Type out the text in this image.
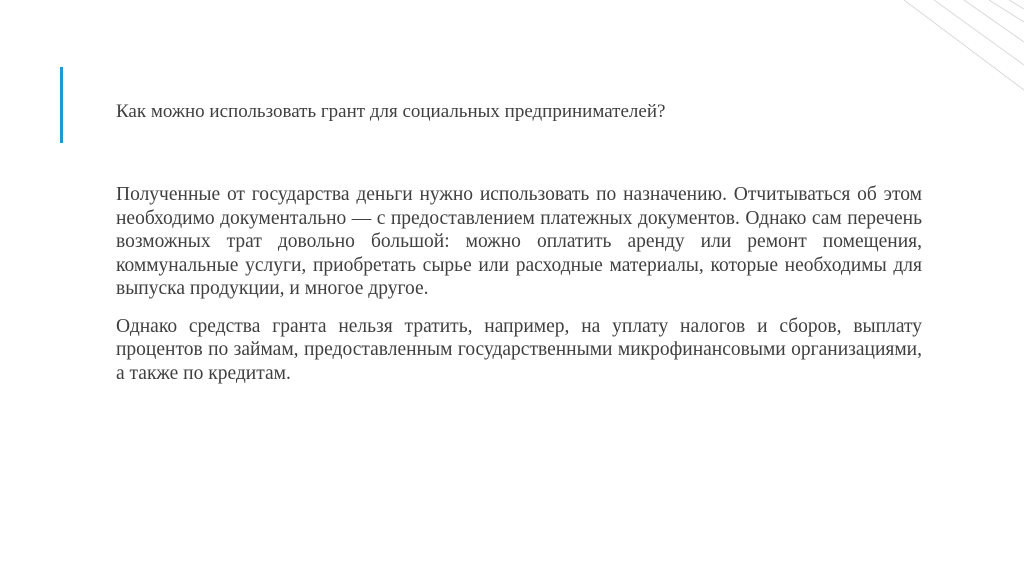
Как можно использовать грант для социальных предпринимателей?

Полученные от государства деньги нужно использовать по назначению. Отчитываться об этом необходимо документально — с предоставлением платежных документов. Однако сам перечень возможных трат довольно большой: можно оплатить аренду или ремонт помещения, коммунальные услуги, приобретать сырье или расходные материалы, которые необходимы для выпуска продукции, и многое другое.

Однако средства гранта нельзя тратить, например, на уплату налогов и сборов, выплату процентов по займам, предоставленным государственными микрофинансовыми организациями, а также по кредитам.
